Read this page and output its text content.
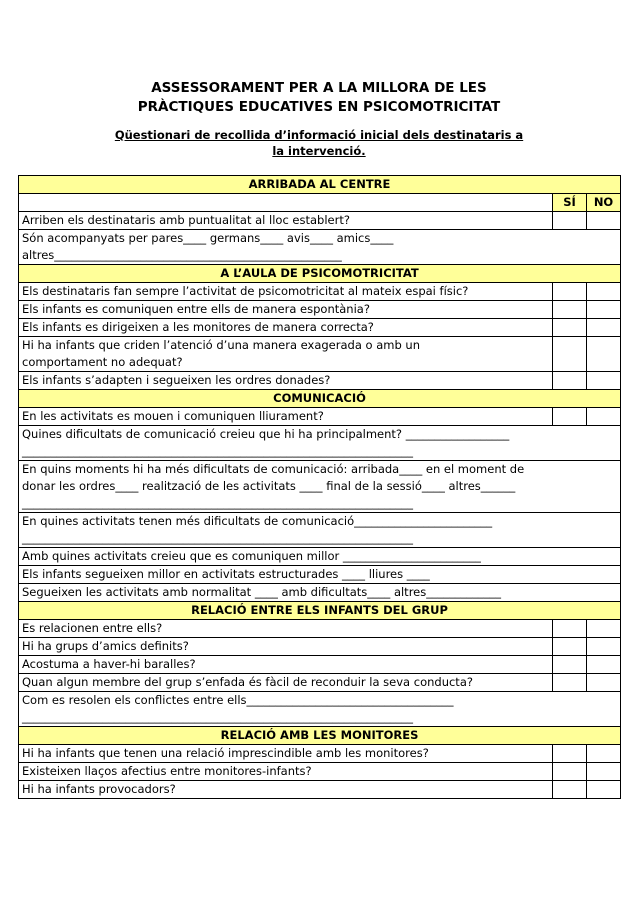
ASSESSORAMENT PER A LA MILLORA DE LES
PRÀCTIQUES EDUCATIVES EN PSICOMOTRICITAT
Qüestionari de recollida d’informació inicial dels destinataris a
la intervenció.
ARRIBADA AL CENTRE		
	SÍ	NO
Arriben els destinataris amb puntualitat al lloc establert?		

Són acompanyats per pares____ germans____ avis____ amics____
altres__________________________________________________		

A L’AULA DE PSICOMOTRICITAT		
Els destinataris fan sempre l’activitat de psicomotricitat al mateix espai físic?		
Els infants es comuniquen entre ells de manera espontània?		
Els infants es dirigeixen a les monitores de manera correcta?		

Hi ha infants que criden l’atenció d’una manera exagerada o amb un
comportament no adequat?		

Els infants s’adapten i segueixen les ordres donades?		
COMUNICACIÓ		
En les activitats es mouen i comuniquen lliurament?		

Quines dificultats de comunicació creieu que hi ha principalment? __________________
____________________________________________________________________		

En quins moments hi ha més dificultats de comunicació: arribada____ en el moment de
donar les ordres____ realització de les activitats ____ final de la sessió____ altres______
____________________________________________________________________		

En quines activitats tenen més dificultats de comunicació________________________
____________________________________________________________________		

Amb quines activitats creieu que es comuniquen millor ________________________		
Els infants segueixen millor en activitats estructurades ____ lliures ____		
Segueixen les activitats amb normalitat ____ amb dificultats____ altres_____________		
RELACIÓ ENTRE ELS INFANTS DEL GRUP		
Es relacionen entre ells?		
Hi ha grups d’amics definits?		
Acostuma a haver-hi baralles?		
Quan algun membre del grup s’enfada és fàcil de reconduir la seva conducta?		

Com es resolen els conflictes entre ells____________________________________
____________________________________________________________________		

RELACIÓ AMB LES MONITORES		
Hi ha infants que tenen una relació imprescindible amb les monitores?		
Existeixen llaços afectius entre monitores-infants?		
Hi ha infants provocadors?		
